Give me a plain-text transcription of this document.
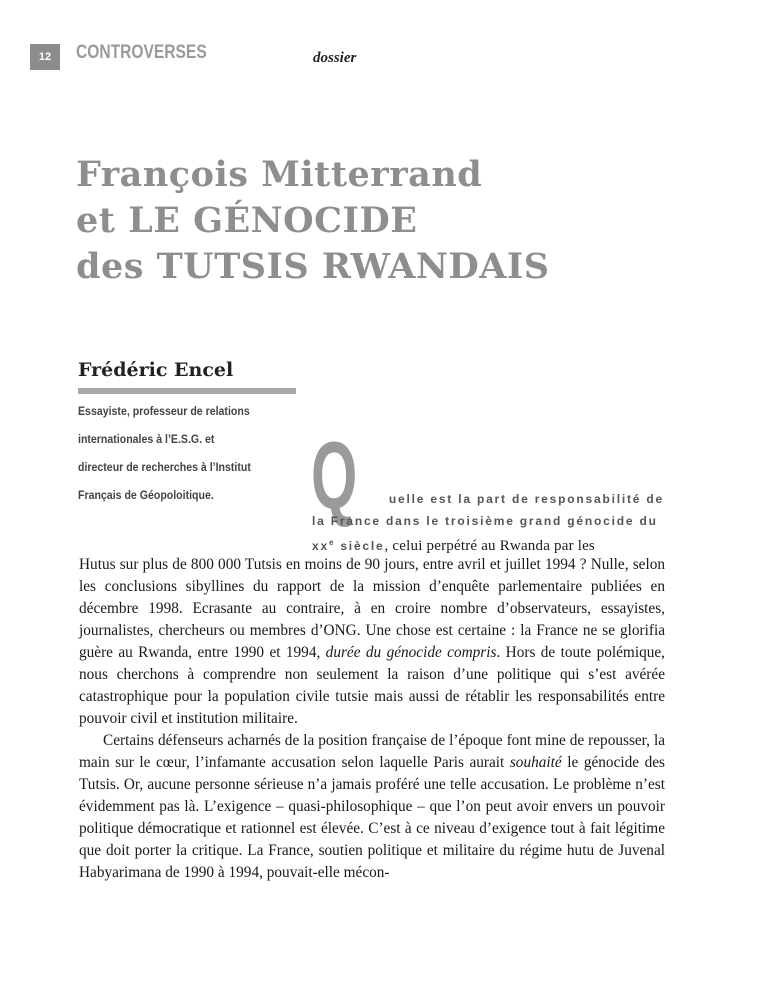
12	CONTROVERSES	dossier
François Mitterrand
et LE GÉNOCIDE
des TUTSIS RWANDAIS
Frédéric Encel
Essayiste, professeur de relations
internationales à l’E.S.G. et
directeur de recherches à l’Institut
Français de Géopoloitique.	Q	uelle est la part de responsabilité de
la France dans le troisième grand génocide du
$xx^e$ siècle, celui perpétré au Rwanda par les

Hutus sur plus de 800 000 Tutsis en moins de 90 jours, entre avril et juillet 1994 ? Nulle, selon les conclusions sibyllines du rapport de la mission d’enquête parlementaire publiées en décembre 1998. Ecrasante au contraire, à en croire nombre d’observateurs, essayistes, journalistes, chercheurs ou membres d’ONG. Une chose est certaine : la France ne se glorifia guère au Rwanda, entre 1990 et 1994, durée du génocide compris. Hors de toute polémique, nous cherchons à comprendre non seulement la raison d’une politique qui s’est avérée catastrophique pour la population civile tutsie mais aussi de rétablir les responsabilités entre pouvoir civil et institution militaire.

Certains défenseurs acharnés de la position française de l’époque font mine de repousser, la main sur le cœur, l’infamante accusation selon laquelle Paris aurait souhaité le génocide des Tutsis. Or, aucune personne sérieuse n’a jamais proféré une telle accusation. Le problème n’est évidemment pas là. L’exigence – quasi-philosophique – que l’on peut avoir envers un pouvoir politique démocratique et rationnel est élevée. C’est à ce niveau d’exigence tout à fait légitime que doit porter la critique. La France, soutien politique et militaire du régime hutu de Juvenal Habyarimana de 1990 à 1994, pouvait-elle mécon-
